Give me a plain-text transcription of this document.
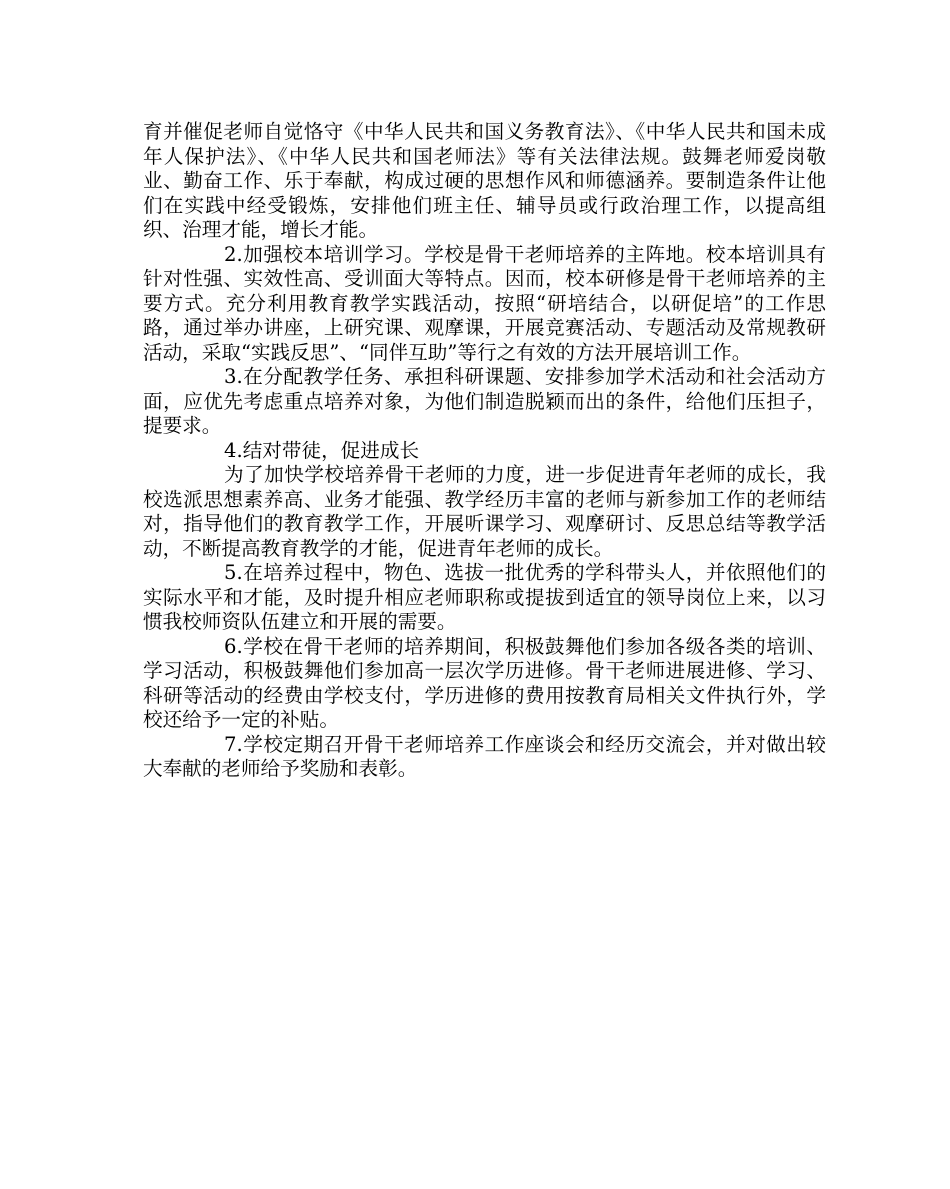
育并催促老师自觉恪守《中华人民共和国义务教育法》、《中华人民共和国未成年人保护法》、《中华人民共和国老师法》等有关法律法规。鼓舞老师爱岗敬业、勤奋工作、乐于奉献，构成过硬的思想作风和师德涵养。要制造条件让他们在实践中经受锻炼，安排他们班主任、辅导员或行政治理工作，以提高组织、治理才能，增长才能。

2.加强校本培训学习。学校是骨干老师培养的主阵地。校本培训具有针对性强、实效性高、受训面大等特点。因而，校本研修是骨干老师培养的主要方式。充分利用教育教学实践活动，按照“研培结合，以研促培”的工作思路，通过举办讲座，上研究课、观摩课，开展竞赛活动、专题活动及常规教研活动，采取“实践反思”、“同伴互助”等行之有效的方法开展培训工作。

3.在分配教学任务、承担科研课题、安排参加学术活动和社会活动方面，应优先考虑重点培养对象，为他们制造脱颖而出的条件，给他们压担子，提要求。

4.结对带徒，促进成长

为了加快学校培养骨干老师的力度，进一步促进青年老师的成长，我校选派思想素养高、业务才能强、教学经历丰富的老师与新参加工作的老师结对，指导他们的教育教学工作，开展听课学习、观摩研讨、反思总结等教学活动，不断提高教育教学的才能，促进青年老师的成长。

5.在培养过程中，物色、选拔一批优秀的学科带头人，并依照他们的实际水平和才能，及时提升相应老师职称或提拔到适宜的领导岗位上来，以习惯我校师资队伍建立和开展的需要。

6.学校在骨干老师的培养期间，积极鼓舞他们参加各级各类的培训、学习活动，积极鼓舞他们参加高一层次学历进修。骨干老师进展进修、学习、科研等活动的经费由学校支付，学历进修的费用按教育局相关文件执行外，学校还给予一定的补贴。

7.学校定期召开骨干老师培养工作座谈会和经历交流会，并对做出较大奉献的老师给予奖励和表彰。
